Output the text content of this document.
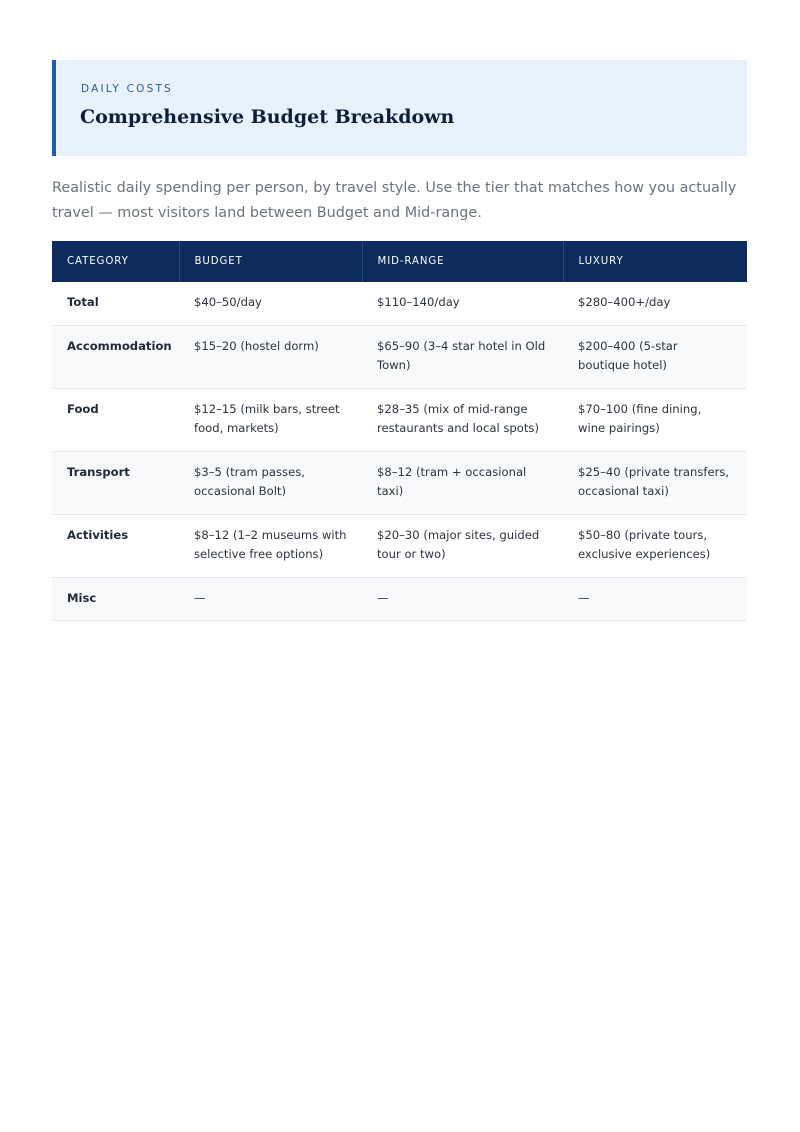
DAILY COSTS
Comprehensive Budget Breakdown

Realistic daily spending per person, by travel style. Use the tier that matches how you actually travel — most visitors land between Budget and Mid-range.

CATEGORY	BUDGET	MID-RANGE	LUXURY
Total	$40–50/day	$110–140/day	$280–400+/day
Accommodation	$15–20 (hostel dorm)	$65–90 (3–4 star hotel in Old Town)	$200–400 (5-star boutique hotel)
Food	$12–15 (milk bars, street food, markets)	$28–35 (mix of mid-range restaurants and local spots)	$70–100 (fine dining, wine pairings)
Transport	$3–5 (tram passes, occasional Bolt)	$8–12 (tram + occasional taxi)	$25–40 (private transfers, occasional taxi)
Activities	$8–12 (1–2 museums with selective free options)	$20–30 (major sites, guided tour or two)	$50–80 (private tours, exclusive experiences)
Misc	—	—	—
